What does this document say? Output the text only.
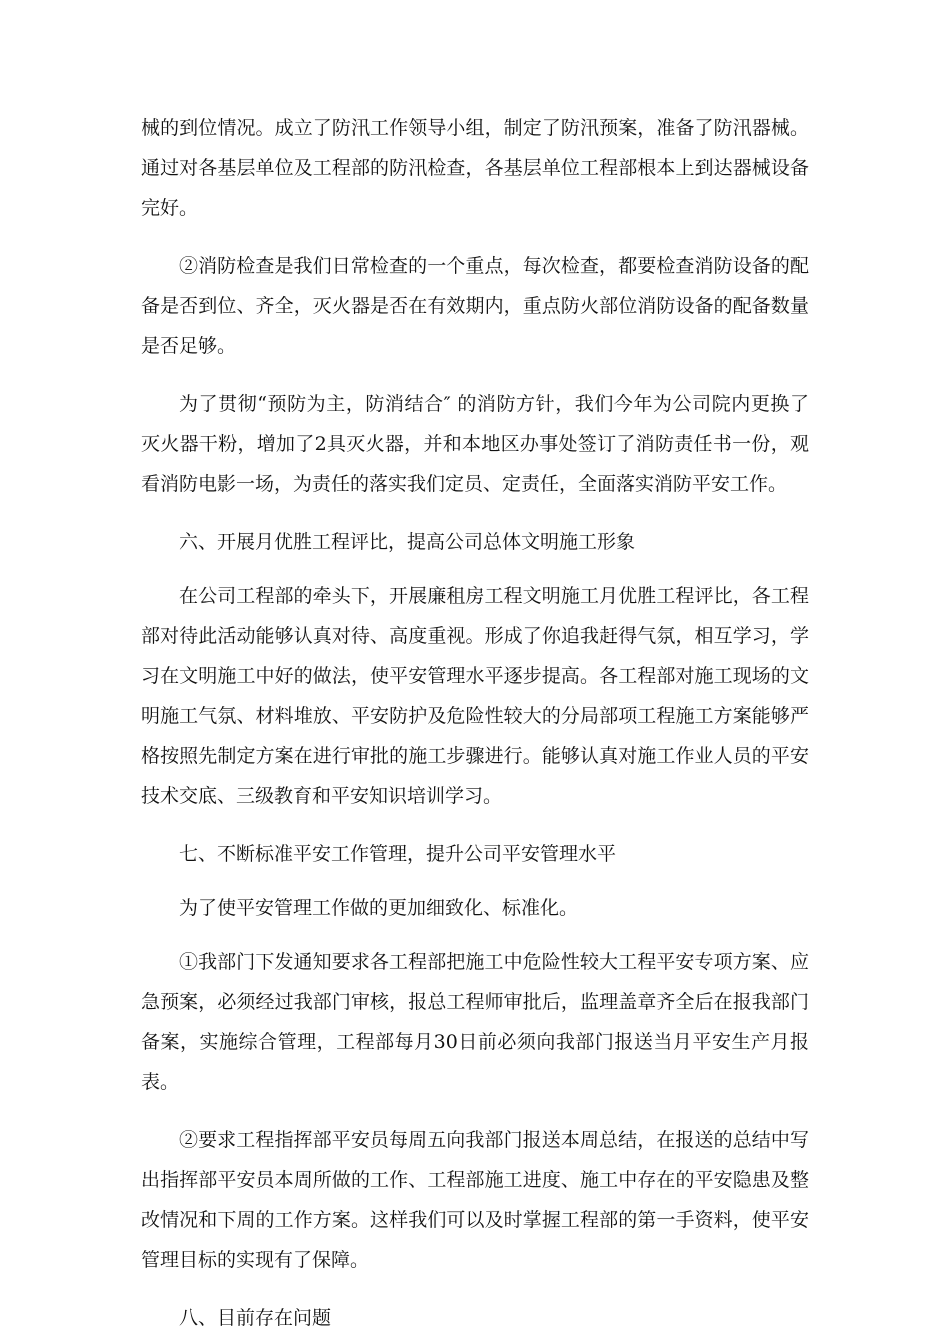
械的到位情况。成立了防汛工作领导小组，制定了防汛预案，准备了防汛器械。通过对各基层单位及工程部的防汛检查，各基层单位工程部根本上到达器械设备完好。

②消防检查是我们日常检查的一个重点，每次检查，都要检查消防设备的配备是否到位、齐全，灭火器是否在有效期内，重点防火部位消防设备的配备数量是否足够。

为了贯彻“预防为主，防消结合″ 的消防方针，我们今年为公司院内更换了灭火器干粉，增加了2具灭火器，并和本地区办事处签订了消防责任书一份，观看消防电影一场，为责任的落实我们定员、定责任，全面落实消防平安工作。

六、开展月优胜工程评比，提高公司总体文明施工形象

在公司工程部的牵头下，开展廉租房工程文明施工月优胜工程评比，各工程部对待此活动能够认真对待、高度重视。形成了你追我赶得气氛，相互学习，学习在文明施工中好的做法，使平安管理水平逐步提高。各工程部对施工现场的文明施工气氛、材料堆放、平安防护及危险性较大的分局部项工程施工方案能够严格按照先制定方案在进行审批的施工步骤进行。能够认真对施工作业人员的平安技术交底、三级教育和平安知识培训学习。

七、不断标准平安工作管理，提升公司平安管理水平

为了使平安管理工作做的更加细致化、标准化。

①我部门下发通知要求各工程部把施工中危险性较大工程平安专项方案、应急预案，必须经过我部门审核，报总工程师审批后，监理盖章齐全后在报我部门备案，实施综合管理，工程部每月30日前必须向我部门报送当月平安生产月报表。

②要求工程指挥部平安员每周五向我部门报送本周总结，在报送的总结中写出指挥部平安员本周所做的工作、工程部施工进度、施工中存在的平安隐患及整改情况和下周的工作方案。这样我们可以及时掌握工程部的第一手资料，使平安管理目标的实现有了保障。

八、目前存在问题
